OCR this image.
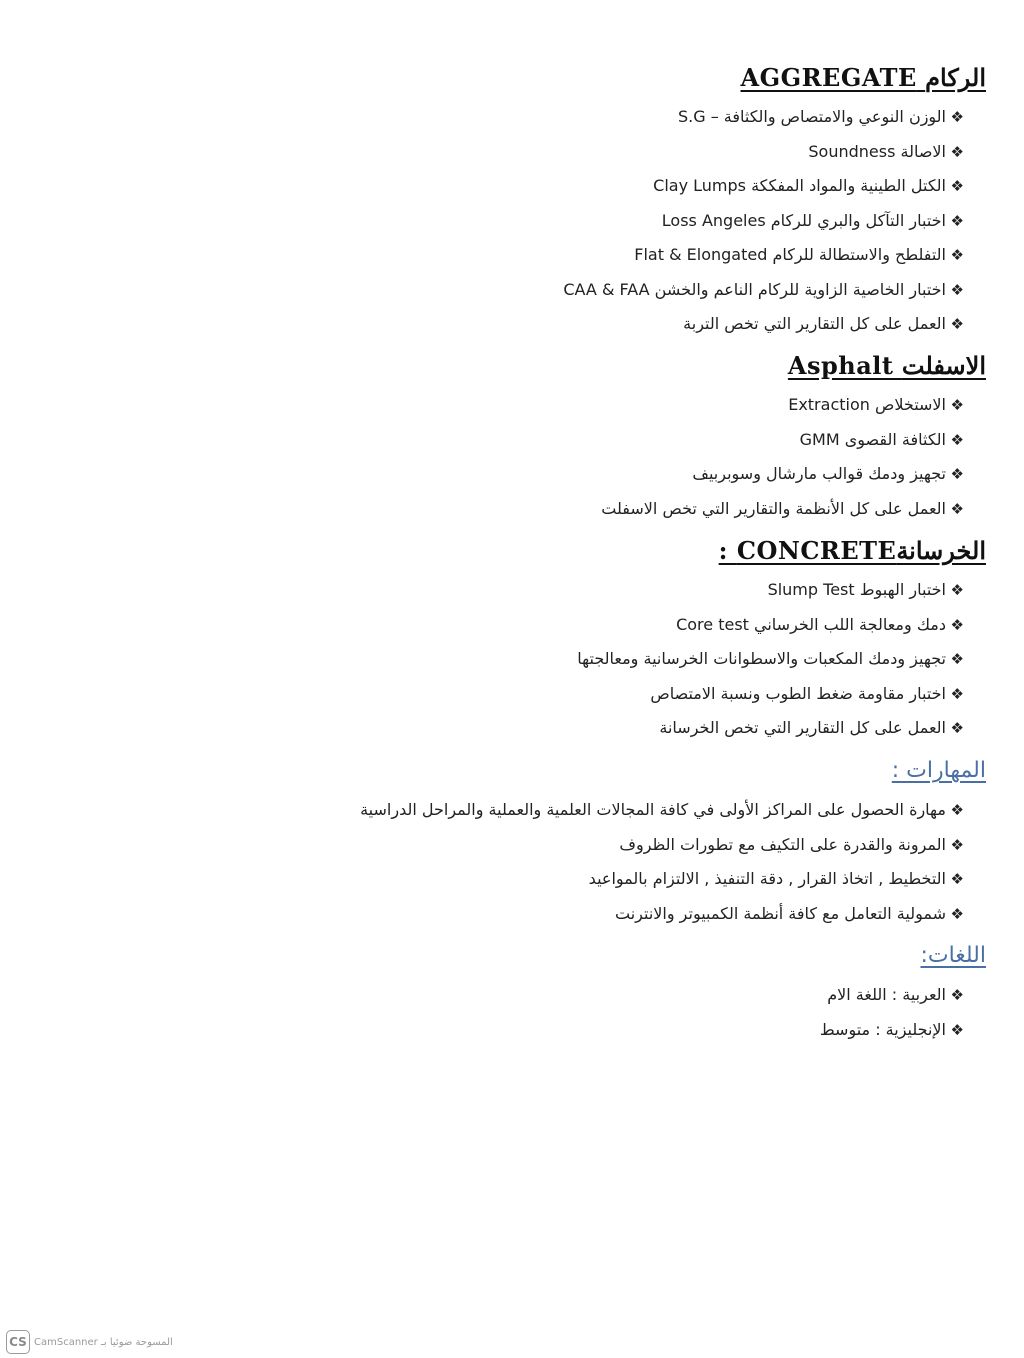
الركام AGGREGATE
❖
الوزن النوعي والامتصاص والكثافة – S.G
❖
الاصالة Soundness
❖
الكتل الطينية والمواد المفككة Clay Lumps
❖
اختبار التآكل والبري للركام Loss Angeles
❖
التفلطح والاستطالة للركام Flat & Elongated
❖
اختبار الخاصية الزاوية للركام الناعم والخشن CAA & FAA
❖
العمل على كل التقارير التي تخص التربة
الاسفلت Asphalt
❖
الاستخلاص Extraction
❖
الكثافة القصوى GMM
❖
تجهيز ودمك قوالب مارشال وسوبربيف
❖
العمل على كل الأنظمة والتقارير التي تخص الاسفلت
الخرسانةCONCRETE :
❖
اختبار الهبوط Slump Test
❖
دمك ومعالجة اللب الخرساني Core test
❖
تجهيز ودمك المكعبات والاسطوانات الخرسانية ومعالجتها
❖
اختبار مقاومة ضغط الطوب ونسبة الامتصاص
❖
العمل على كل التقارير التي تخص الخرسانة
المهارات :
❖
مهارة الحصول على المراكز الأولى في كافة المجالات العلمية والعملية والمراحل الدراسية
❖
المرونة والقدرة على التكيف مع تطورات الظروف
❖
التخطيط , اتخاذ القرار , دقة التنفيذ , الالتزام بالمواعيد
❖
شمولية التعامل مع كافة أنظمة الكمبيوتر والانترنت
اللغات:
❖
العربية : اللغة الام
❖
الإنجليزية : متوسط
CS CamScanner المسوحة ضوئيا بـ
